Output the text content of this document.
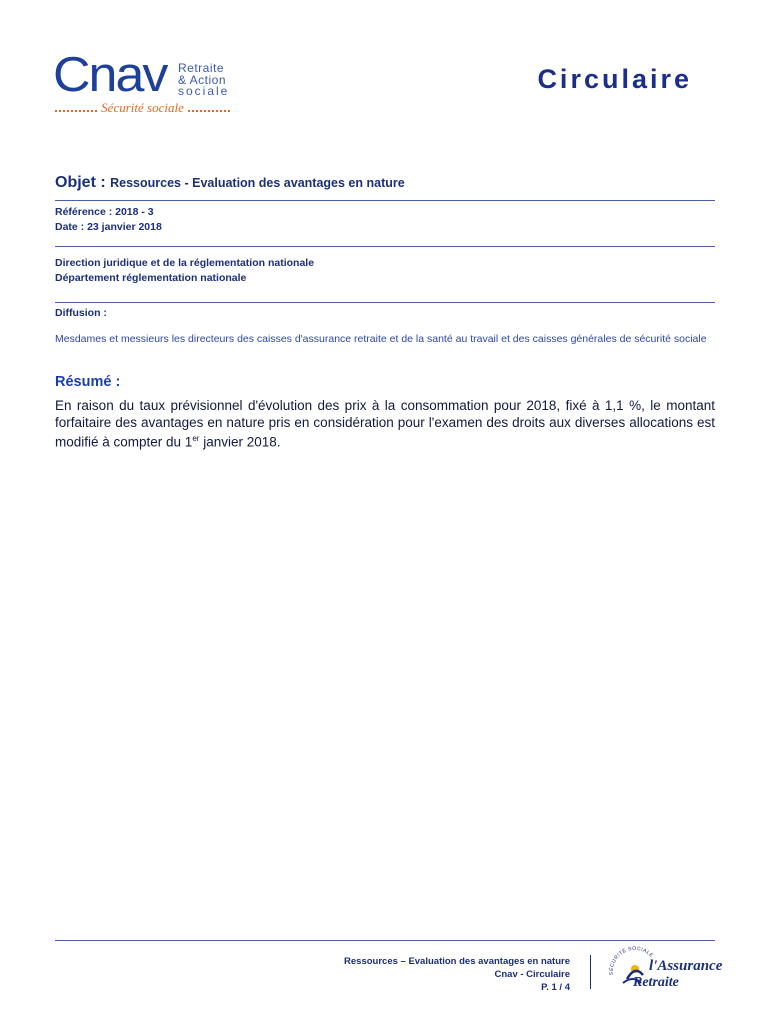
Cnav Retraite
& Action
sociale
Sécurité sociale
Circulaire
Objet : Ressources - Evaluation des avantages en nature
Référence : 2018 - 3
Date : 23 janvier 2018
Direction juridique et de la réglementation nationale
Département réglementation nationale
Diffusion :
Mesdames et messieurs les directeurs des caisses d'assurance retraite et de la santé au travail et des caisses générales de sécurité sociale
Résumé :
En raison du taux prévisionnel d'évolution des prix à la consommation pour 2018, fixé à 1,1 %, le montant forfaitaire des avantages en nature pris en considération pour l'examen des droits aux diverses allocations est modifié à compter du 1er janvier 2018.
Ressources – Evaluation des avantages en nature
Cnav - Circulaire
P. 1 / 4
SÉCURITÉ SOCIALE
l'Assurance
Retraite
